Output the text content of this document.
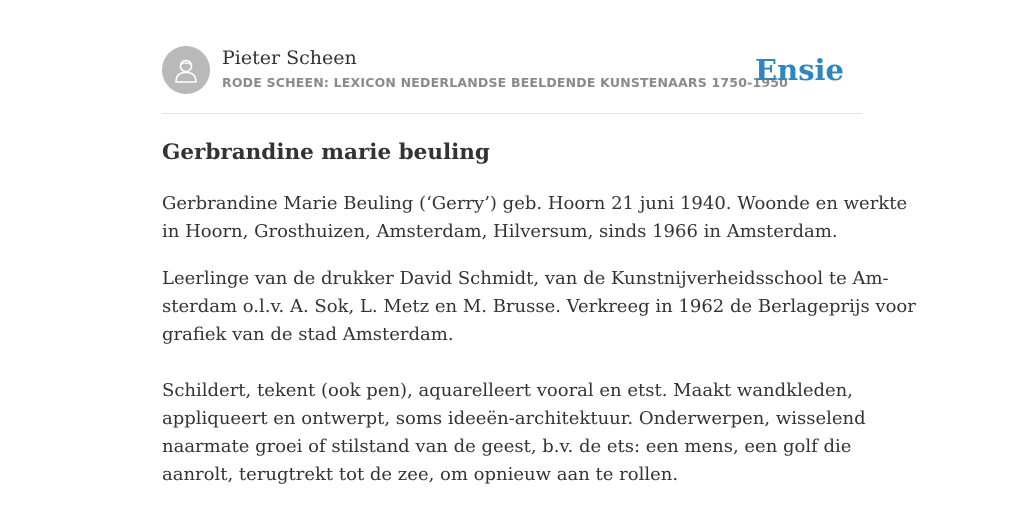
Pieter Scheen
RODE SCHEEN: LEXICON NEDERLANDSE BEELDENDE KUNSTENAARS 1750-1950
Ensie
Gerbrandine marie beuling

Gerbrandine Marie Beuling (‘Gerry’) geb. Hoorn 21 juni 1940. Woonde en werkte
in Hoorn, Grosthuizen, Amsterdam, Hilversum, sinds 1966 in Amsterdam.

Leerlinge van de drukker David Schmidt, van de Kunstnijverheidsschool te Am-
sterdam o.l.v. A. Sok, L. Metz en M. Brusse. Verkreeg in 1962 de Berlageprijs voor
grafiek van de stad Amsterdam.

Schildert, tekent (ook pen), aquarelleert vooral en etst. Maakt wandkleden,
appliqueert en ontwerpt, soms ideeën-architektuur. Onderwerpen, wisselend
naarmate groei of stilstand van de geest, b.v. de ets: een mens, een golf die
aanrolt, terugtrekt tot de zee, om opnieuw aan te rollen.
